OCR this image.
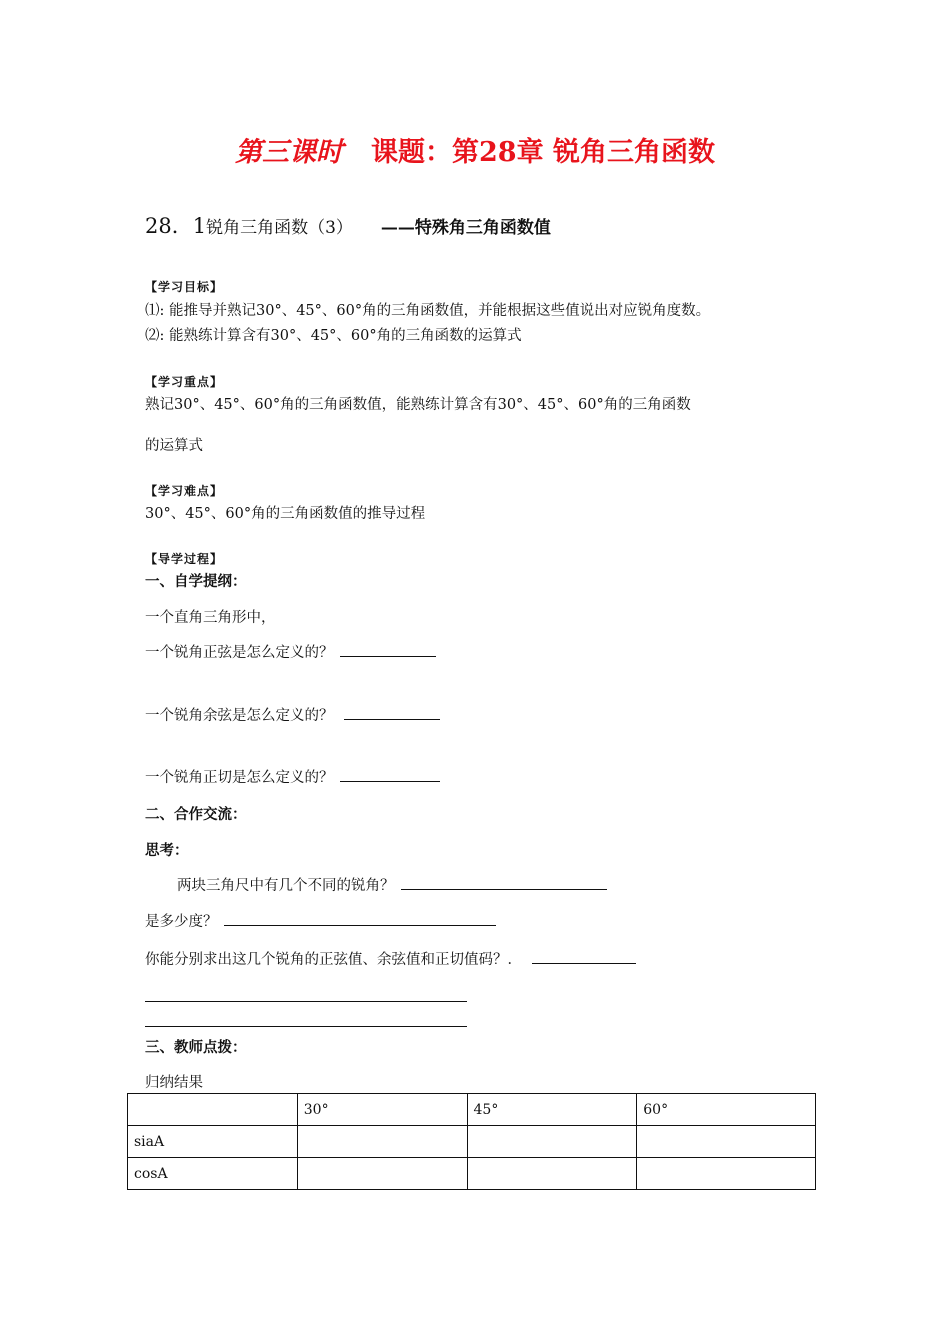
第三课时 课题：第28章 锐角三角函数
28．1锐角三角函数（3） ——特殊角三角函数值
【学习目标】
⑴: 能推导并熟记30°、45°、60°角的三角函数值，并能根据这些值说出对应锐角度数。
⑵: 能熟练计算含有30°、45°、60°角的三角函数的运算式
【学习重点】
熟记30°、45°、60°角的三角函数值，能熟练计算含有30°、45°、60°角的三角函数
的运算式
【学习难点】
30°、45°、60°角的三角函数值的推导过程
【导学过程】
一、自学提纲：
一个直角三角形中，
一个锐角正弦是怎么定义的？
一个锐角余弦是怎么定义的？
一个锐角正切是怎么定义的？
二、合作交流：
思考：
两块三角尺中有几个不同的锐角？
是多少度？
你能分别求出这几个锐角的正弦值、余弦值和正切值码？．
三、教师点拨：
归纳结果
	30°	45°	60°
siaA			
cosA			
